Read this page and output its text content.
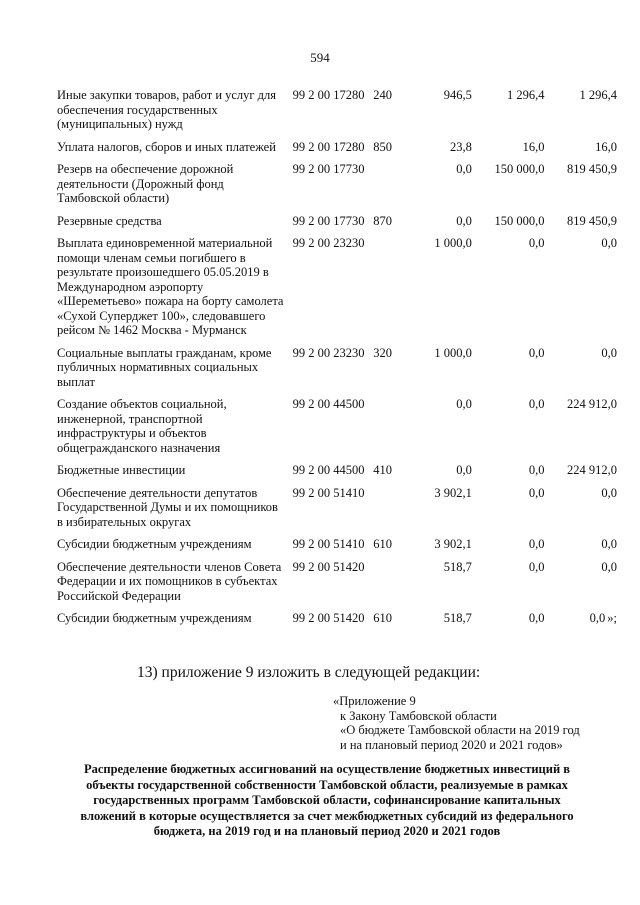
594
Иные закупки товаров, работ и услуг для обеспечения государственных (муниципальных) нужд	99 2 00 17280	240	946,5	1 296,4	1 296,4
Уплата налогов, сборов и иных платежей	99 2 00 17280	850	23,8	16,0	16,0
Резерв на обеспечение дорожной деятельности (Дорожный фонд Тамбовской области)	99 2 00 17730		0,0	150 000,0	819 450,9
Резервные средства	99 2 00 17730	870	0,0	150 000,0	819 450,9
Выплата единовременной материальной помощи членам семьи погибшего в результате произошедшего 05.05.2019 в Международном аэропорту «Шереметьево» пожара на борту самолета «Сухой Суперджет 100», следовавшего рейсом № 1462 Москва - Мурманск	99 2 00 23230		1 000,0	0,0	0,0
Социальные выплаты гражданам, кроме публичных нормативных социальных выплат	99 2 00 23230	320	1 000,0	0,0	0,0
Создание объектов социальной, инженерной, транспортной инфраструктуры и объектов общегражданского назначения	99 2 00 44500		0,0	0,0	224 912,0
Бюджетные инвестиции	99 2 00 44500	410	0,0	0,0	224 912,0
Обеспечение деятельности депутатов Государственной Думы и их помощников в избирательных округах	99 2 00 51410		3 902,1	0,0	0,0
Субсидии бюджетным учреждениям	99 2 00 51410	610	3 902,1	0,0	0,0
Обеспечение деятельности членов Совета Федерации и их помощников в субъектах Российской Федерации	99 2 00 51420		518,7	0,0	0,0
Субсидии бюджетным учреждениям	99 2 00 51420	610	518,7	0,0	0,0 »;
13) приложение 9 изложить в следующей редакции:
«Приложение 9
к Закону Тамбовской области
«О бюджете Тамбовской области на 2019 год
и на плановый период 2020 и 2021 годов»
Распределение бюджетных ассигнований на осуществление бюджетных инвестиций в объекты государственной собственности Тамбовской области, реализуемые в рамках государственных программ Тамбовской области, софинансирование капитальных вложений в которые осуществляется за счет межбюджетных субсидий из федерального бюджета, на 2019 год и на плановый период 2020 и 2021 годов
